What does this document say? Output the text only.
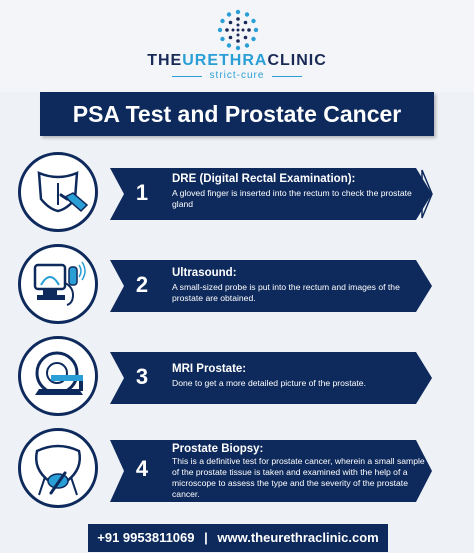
THEURETHRACLINIC
strict-cure
PSA Test and Prostate Cancer
1
DRE (Digital Rectal Examination):
A gloved finger is inserted into the rectum to check the prostate gland
2	Ultrasound:
A small-sized probe is put into the rectum and images of the prostate are obtained.
3	MRI Prostate:
Done to get a more detailed picture of the prostate.
4
Prostate Biopsy:
This is a definitive test for prostate cancer, wherein a small sample of the prostate tissue is taken and examined with the help of a microscope to assess the type and the severity of the prostate cancer.
+91 9953811069 | www.theurethraclinic.com
